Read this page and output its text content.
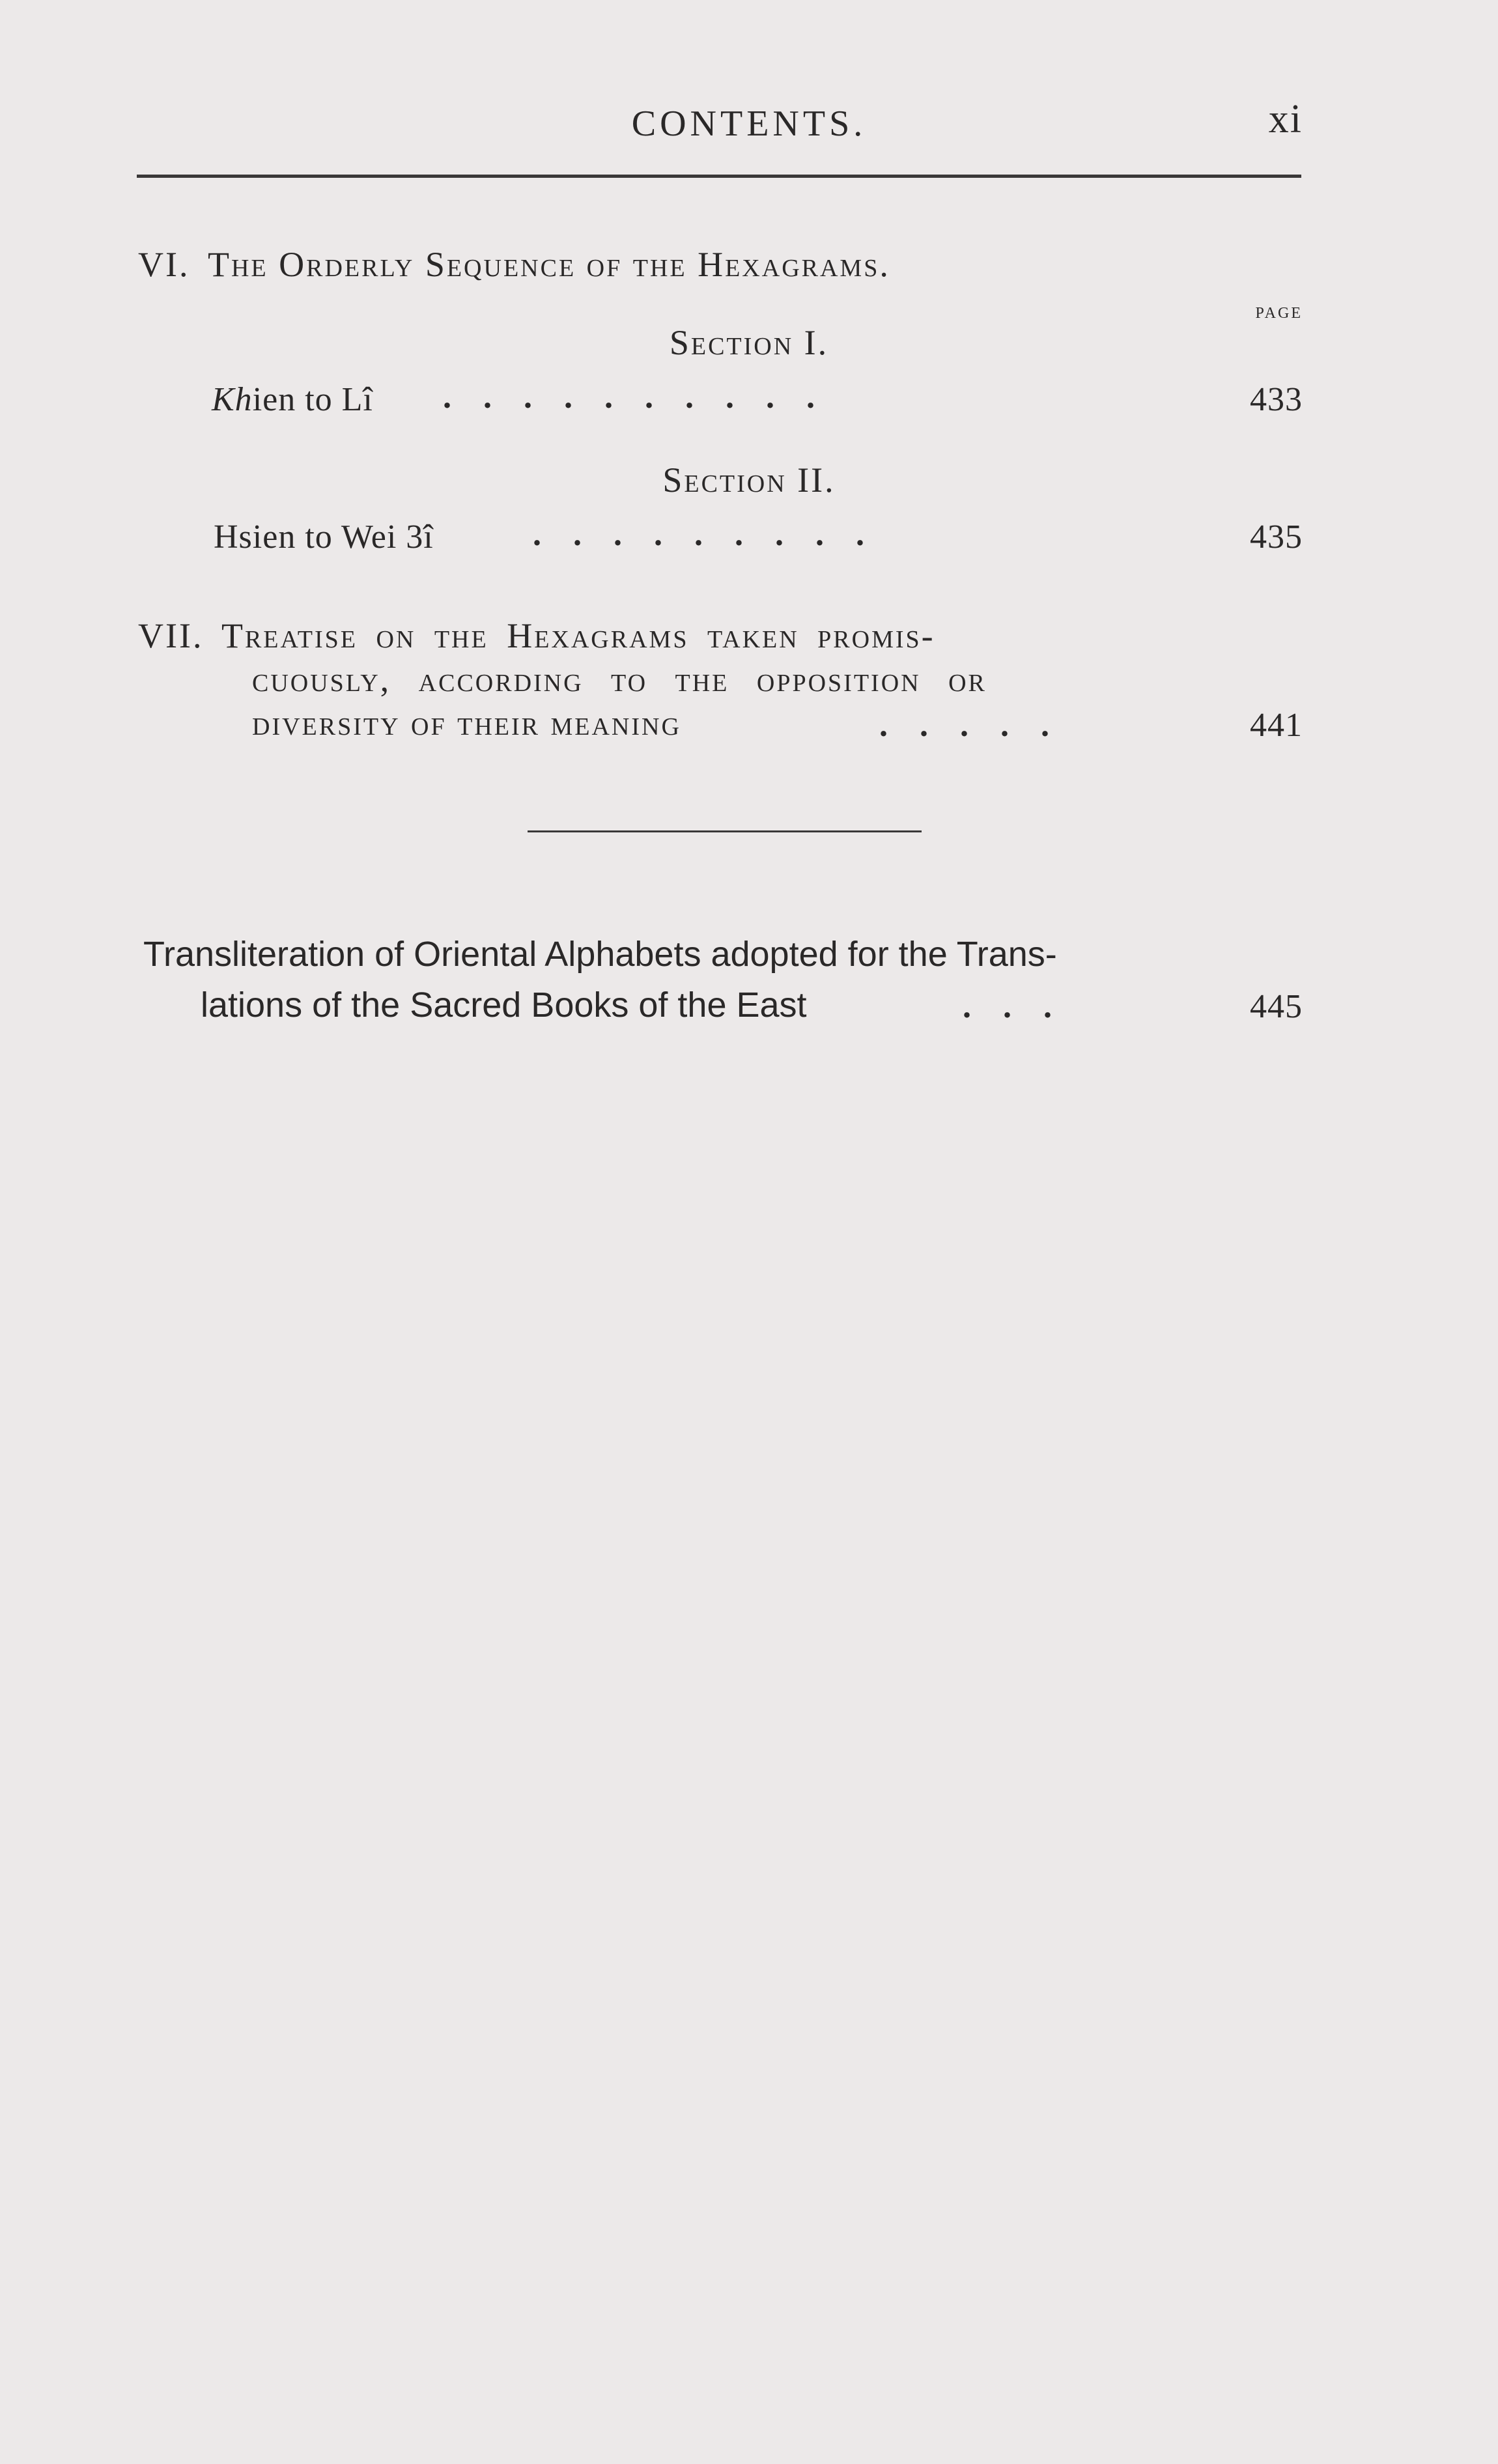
CONTENTS.	xi
VI. The Orderly Sequence of the Hexagrams.
PAGE
Section I.
Khien to Lî . . . . . . . . . .	433
Section II.
Hsien to Wei 3î	. . . . . . . . .	435
VII. Treatise on the Hexagrams taken promis-
cuously, according to the opposition or
diversity of their meaning	. . . . .	441
Transliteration of Oriental Alphabets adopted for the Trans-
lations of the Sacred Books of the East	. . .	445
